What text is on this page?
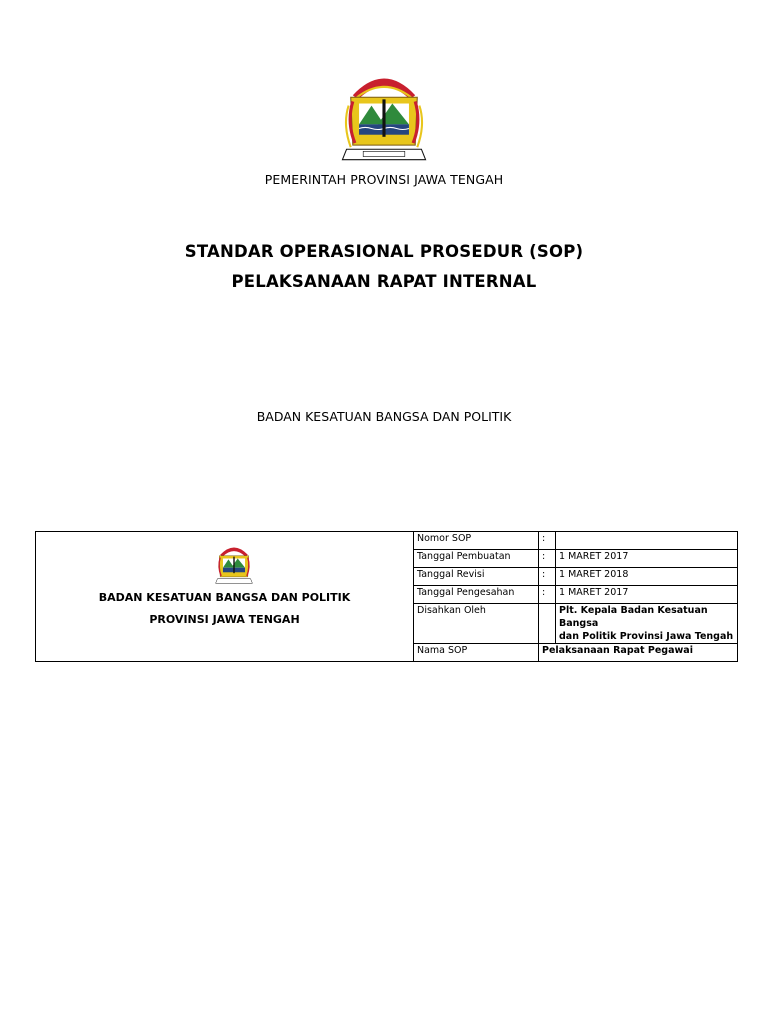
PEMERINTAH PROVINSI JAWA TENGAH
STANDAR OPERASIONAL PROSEDUR (SOP)
PELAKSANAAN RAPAT INTERNAL
BADAN KESATUAN BANGSA DAN POLITIK
BADAN KESATUAN BANGSA DAN POLITIK
PROVINSI JAWA TENGAH	Nomor SOP	:	
	Tanggal Pembuatan	:	1 MARET 2017
	Tanggal Revisi	:	1 MARET 2018
	Tanggal Pengesahan	:	1 MARET 2017
	Disahkan Oleh		Plt. Kepala Badan Kesatuan Bangsa
dan Politik Provinsi Jawa Tengah

	Nama SOP	Pelaksanaan Rapat Pegawai	
